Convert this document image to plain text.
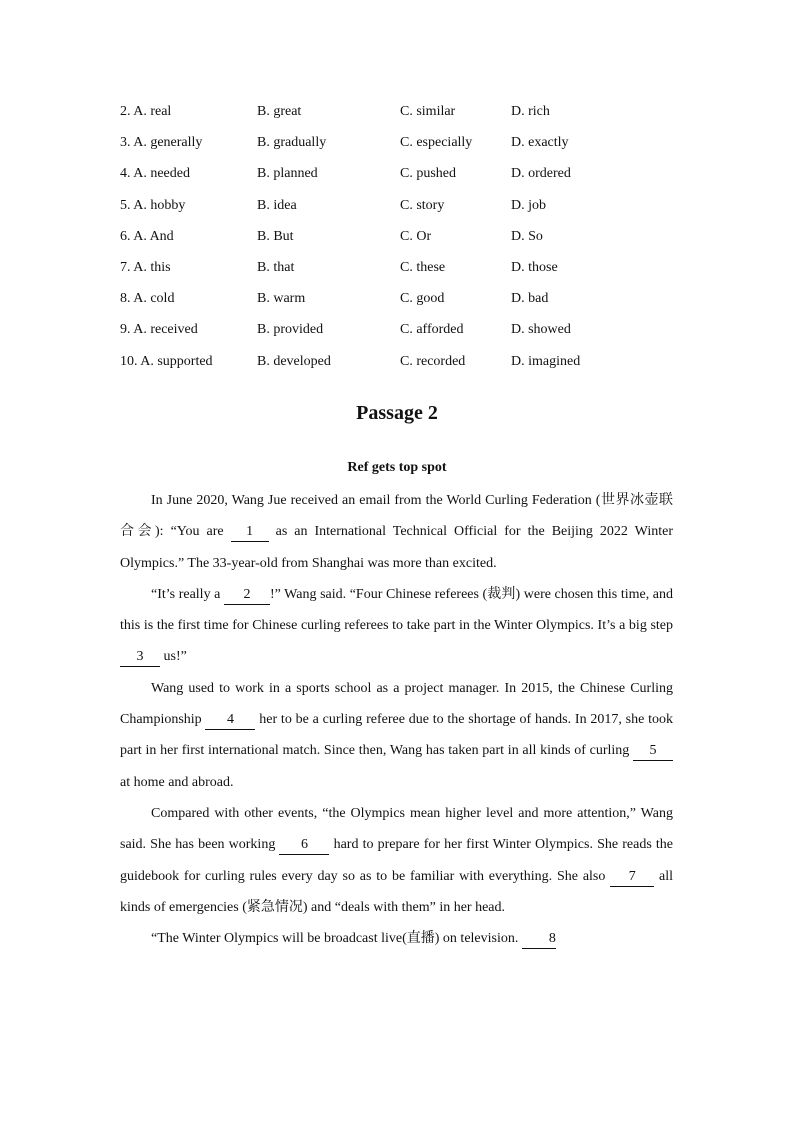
2. A. real	B. great	C. similar	D. rich
3. A. generally	B. gradually	C. especially	D. exactly
4. A. needed	B. planned	C. pushed	D. ordered
5. A. hobby	B. idea	C. story	D. job
6. A. And	B. But	C. Or	D. So
7. A. this	B. that	C. these	D. those
8. A. cold	B. warm	C. good	D. bad
9. A. received	B. provided	C. afforded	D. showed
10. A. supported	B. developed	C. recorded	D. imagined
Passage 2
Ref gets top spot

In June 2020, Wang Jue received an email from the World Curling Federation (世界冰壶联合会): “You are 1 as an International Technical Official for the Beijing 2022 Winter Olympics.” The 33-year-old from Shanghai was more than excited.

“It’s really a 2 !” Wang said. “Four Chinese referees (裁判) were chosen this time, and this is the first time for Chinese curling referees to take part in the Winter Olympics. It’s a big step 3 us!”

Wang used to work in a sports school as a project manager. In 2015, the Chinese Curling Championship 4 her to be a curling referee due to the shortage of hands. In 2017, she took part in her first international match. Since then, Wang has taken part in all kinds of curling 5 at home and abroad.

Compared with other events, “the Olympics mean higher level and more attention,” Wang said. She has been working 6 hard to prepare for her first Winter Olympics. She reads the guidebook for curling rules every day so as to be familiar with everything. She also 7 all kinds of emergencies (紧急情况) and “deals with them” in her head.

“The Winter Olympics will be broadcast live(直播) on television. 8
